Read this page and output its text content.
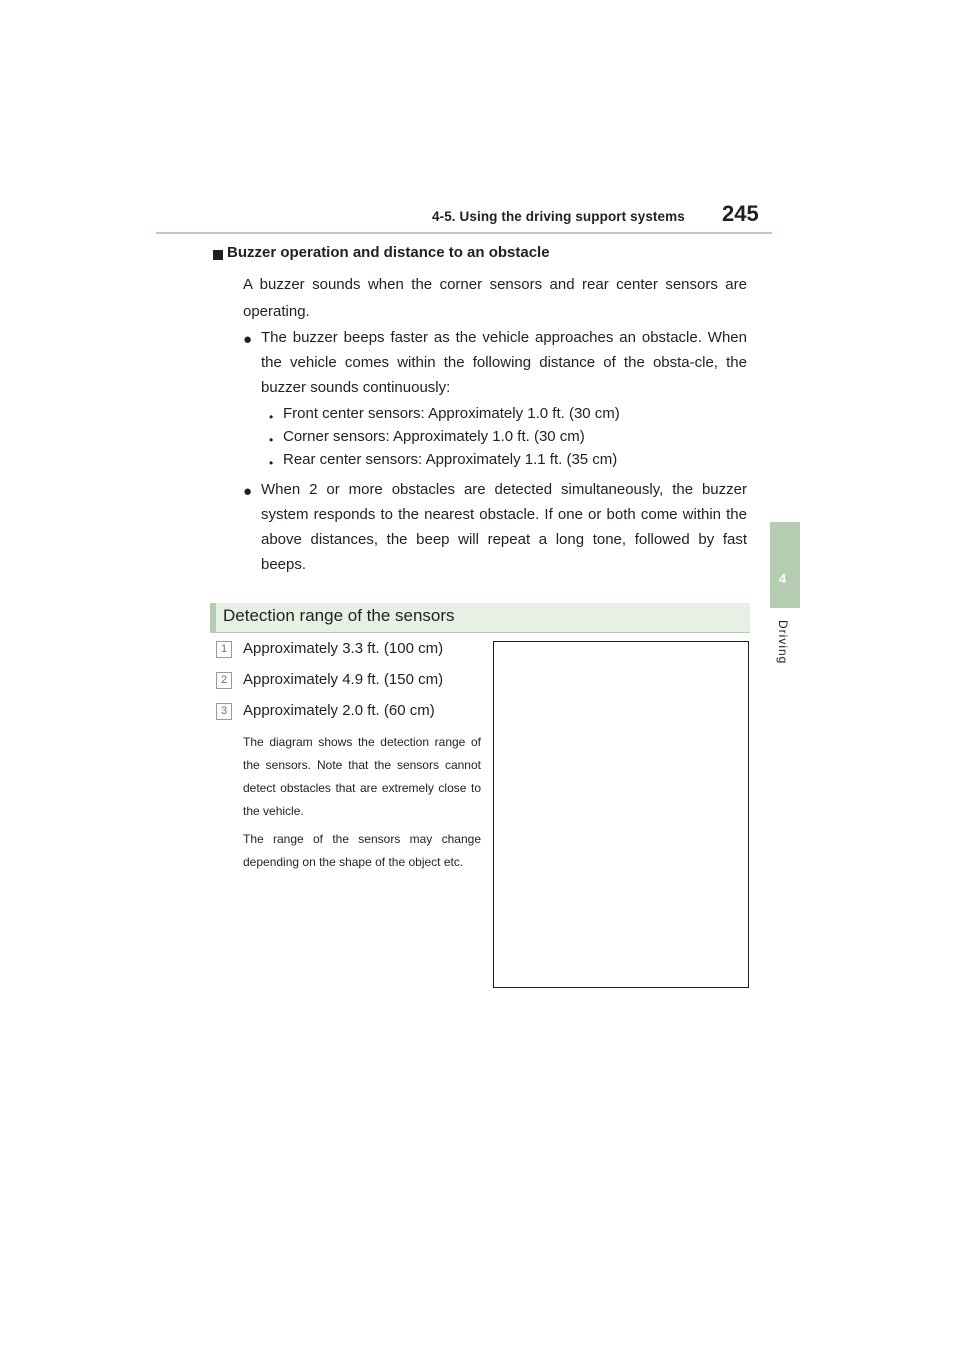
4-5. Using the driving support systems 245
4
Driving
Buzzer operation and distance to an obstacle
A buzzer sounds when the corner sensors and rear center sensors are operating.
● The buzzer beeps faster as the vehicle approaches an obstacle. When the vehicle comes within the following distance of the obsta-cle, the buzzer sounds continuously:
• Front center sensors: Approximately 1.0 ft. (30 cm)
• Corner sensors: Approximately 1.0 ft. (30 cm)
• Rear center sensors: Approximately 1.1 ft. (35 cm)
● When 2 or more obstacles are detected simultaneously, the buzzer system responds to the nearest obstacle. If one or both come within the above distances, the beep will repeat a long tone, followed by fast beeps.
Detection range of the sensors
1	Approximately 3.3 ft. (100 cm)
2	Approximately 4.9 ft. (150 cm)
3	Approximately 2.0 ft. (60 cm)
The diagram shows the detection range of the sensors. Note that the sensors cannot detect obstacles that are extremely close to the vehicle.
The range of the sensors may change depending on the shape of the object etc.
